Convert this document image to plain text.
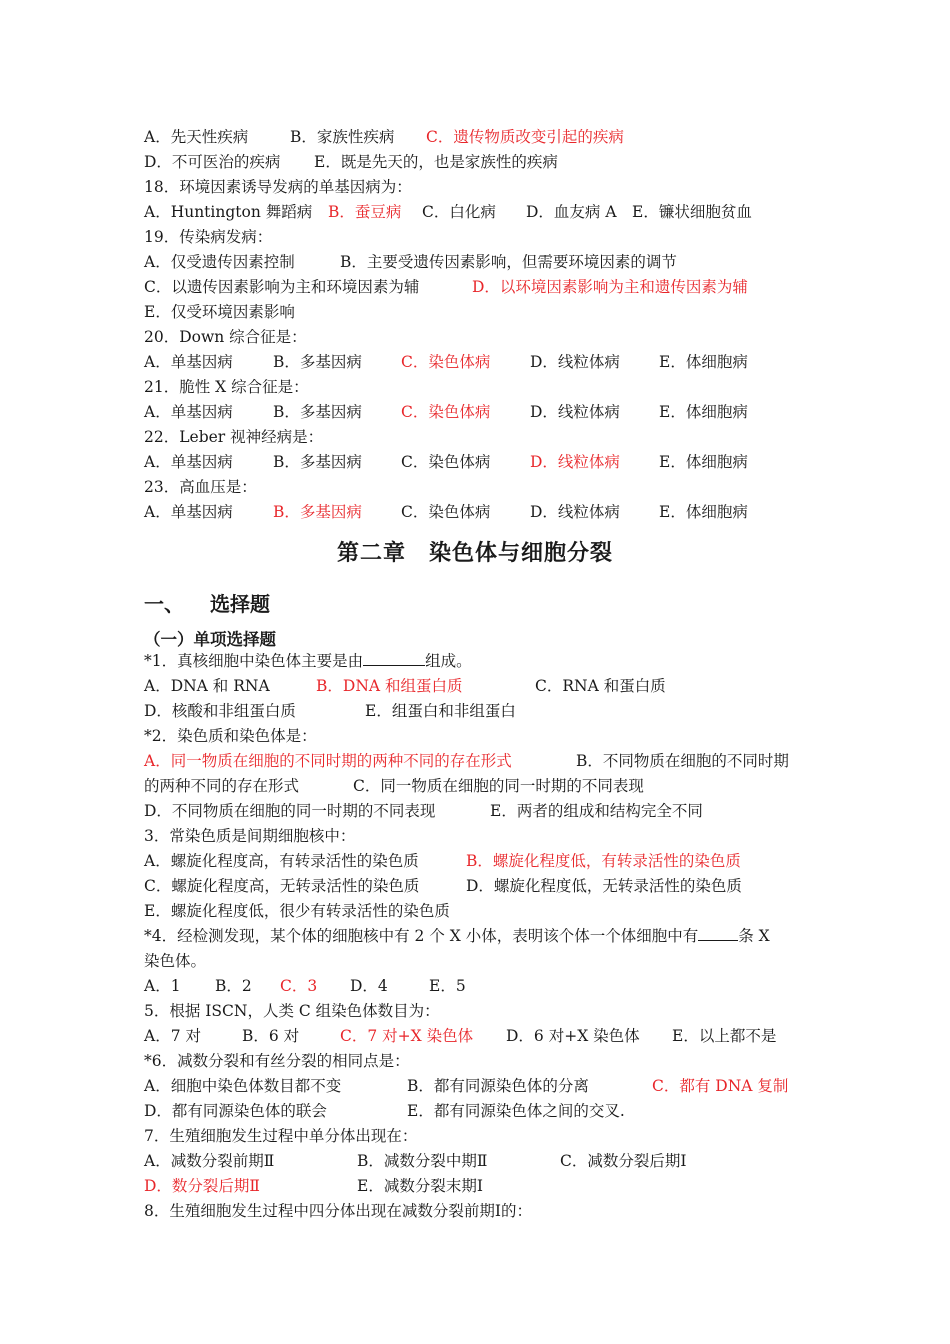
A．先天性疾病	B．家族性疾病 C．遗传物质改变引起的疾病
D．不可医治的疾病 E．既是先天的，也是家族性的疾病
18．环境因素诱导发病的单基因病为：
A．Huntington 舞蹈病 B．蚕豆病 C．白化病 D．血友病 A E．镰状细胞贫血
19．传染病发病：
A．仅受遗传因素控制	B．主要受遗传因素影响，但需要环境因素的调节
C．以遗传因素影响为主和环境因素为辅	D．以环境因素影响为主和遗传因素为辅
E．仅受环境因素影响
20．Down 综合征是：
A．单基因病	B．多基因病	C．染色体病	D．线粒体病	E．体细胞病
21．脆性 X 综合征是：
A．单基因病	B．多基因病	C．染色体病	D．线粒体病	E．体细胞病
22．Leber 视神经病是：
A．单基因病	B．多基因病	C．染色体病	D．线粒体病	E．体细胞病
23．高血压是：
A．单基因病	B．多基因病	C．染色体病	D．线粒体病	E．体细胞病
第二章　染色体与细胞分裂
一、 选择题
（一）单项选择题
*1．真核细胞中染色体主要是由	组成。
A．DNA 和 RNA	B．DNA 和组蛋白质	C．RNA 和蛋白质
D．核酸和非组蛋白质	E．组蛋白和非组蛋白
*2．染色质和染色体是：
A．同一物质在细胞的不同时期的两种不同的存在形式	B．不同物质在细胞的不同时期
的两种不同的存在形式	C．同一物质在细胞的同一时期的不同表现
D．不同物质在细胞的同一时期的不同表现	E．两者的组成和结构完全不同
3．常染色质是间期细胞核中：
A．螺旋化程度高，有转录活性的染色质	B．螺旋化程度低，有转录活性的染色质
C．螺旋化程度高，无转录活性的染色质	D．螺旋化程度低，无转录活性的染色质
E．螺旋化程度低，很少有转录活性的染色质
*4．经检测发现，某个体的细胞核中有 2 个 X 小体，表明该个体一个体细胞中有	条 X
染色体。
A．1 B．2 C．3 D．4	E．5
5．根据 ISCN，人类 C 组染色体数目为：
A．7 对	B．6 对	C．7 对+X 染色体 D．6 对+X 染色体 E．以上都不是
*6．减数分裂和有丝分裂的相同点是：
A．细胞中染色体数目都不变	B．都有同源染色体的分离	C．都有 DNA 复制
D．都有同源染色体的联会	E．都有同源染色体之间的交叉.
7．生殖细胞发生过程中单分体出现在：
A．减数分裂前期Ⅱ	B．减数分裂中期Ⅱ	C．减数分裂后期Ⅰ
D．数分裂后期Ⅱ	E．减数分裂末期Ⅰ
8．生殖细胞发生过程中四分体出现在减数分裂前期Ⅰ的：
